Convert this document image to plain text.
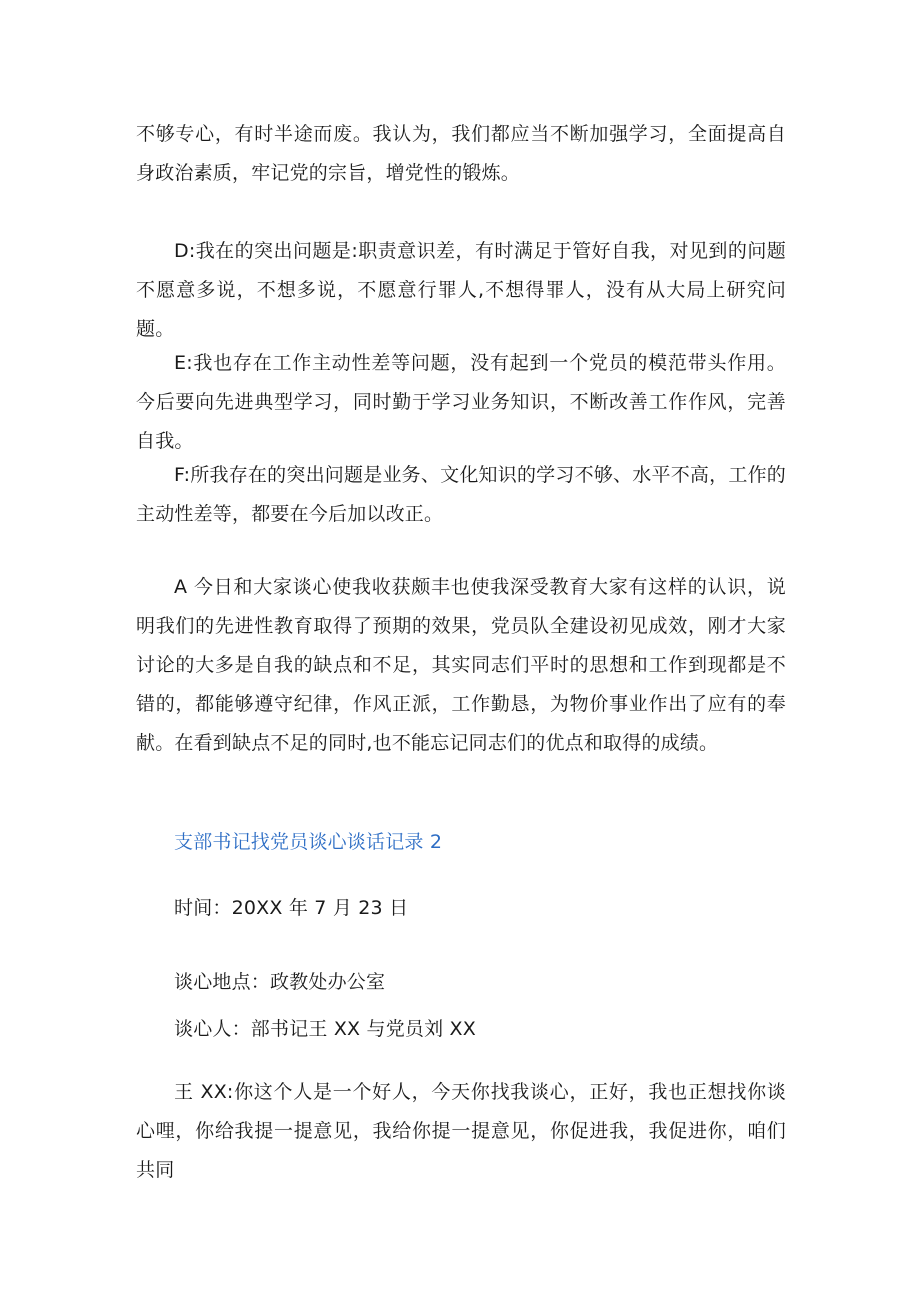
不够专心，有时半途而废。我认为，我们都应当不断加强学习，全面提高自身政治素质，牢记党的宗旨，增党性的锻炼。

D:我在的突出问题是:职责意识差，有时满足于管好自我，对见到的问题不愿意多说，不想多说，不愿意行罪人,不想得罪人，没有从大局上研究问题。

E:我也存在工作主动性差等问题，没有起到一个党员的模范带头作用。今后要向先进典型学习，同时勤于学习业务知识，不断改善工作作风，完善自我。

F:所我存在的突出问题是业务、文化知识的学习不够、水平不高，工作的主动性差等，都要在今后加以改正。

A 今日和大家谈心使我收获颇丰也使我深受教育大家有这样的认识，说明我们的先进性教育取得了预期的效果，党员队全建设初见成效，刚才大家讨论的大多是自我的缺点和不足，其实同志们平时的思想和工作到现都是不错的，都能够遵守纪律，作风正派，工作勤恳，为物价事业作出了应有的奉献。在看到缺点不足的同时,也不能忘记同志们的优点和取得的成绩。

支部书记找党员谈心谈话记录 2

时间：20XX 年 7 月 23 日

谈心地点：政教处办公室

谈心人：部书记王 XX 与党员刘 XX

王 XX:你这个人是一个好人，今天你找我谈心，正好，我也正想找你谈心哩，你给我提一提意见，我给你提一提意见，你促进我，我促进你，咱们共同
